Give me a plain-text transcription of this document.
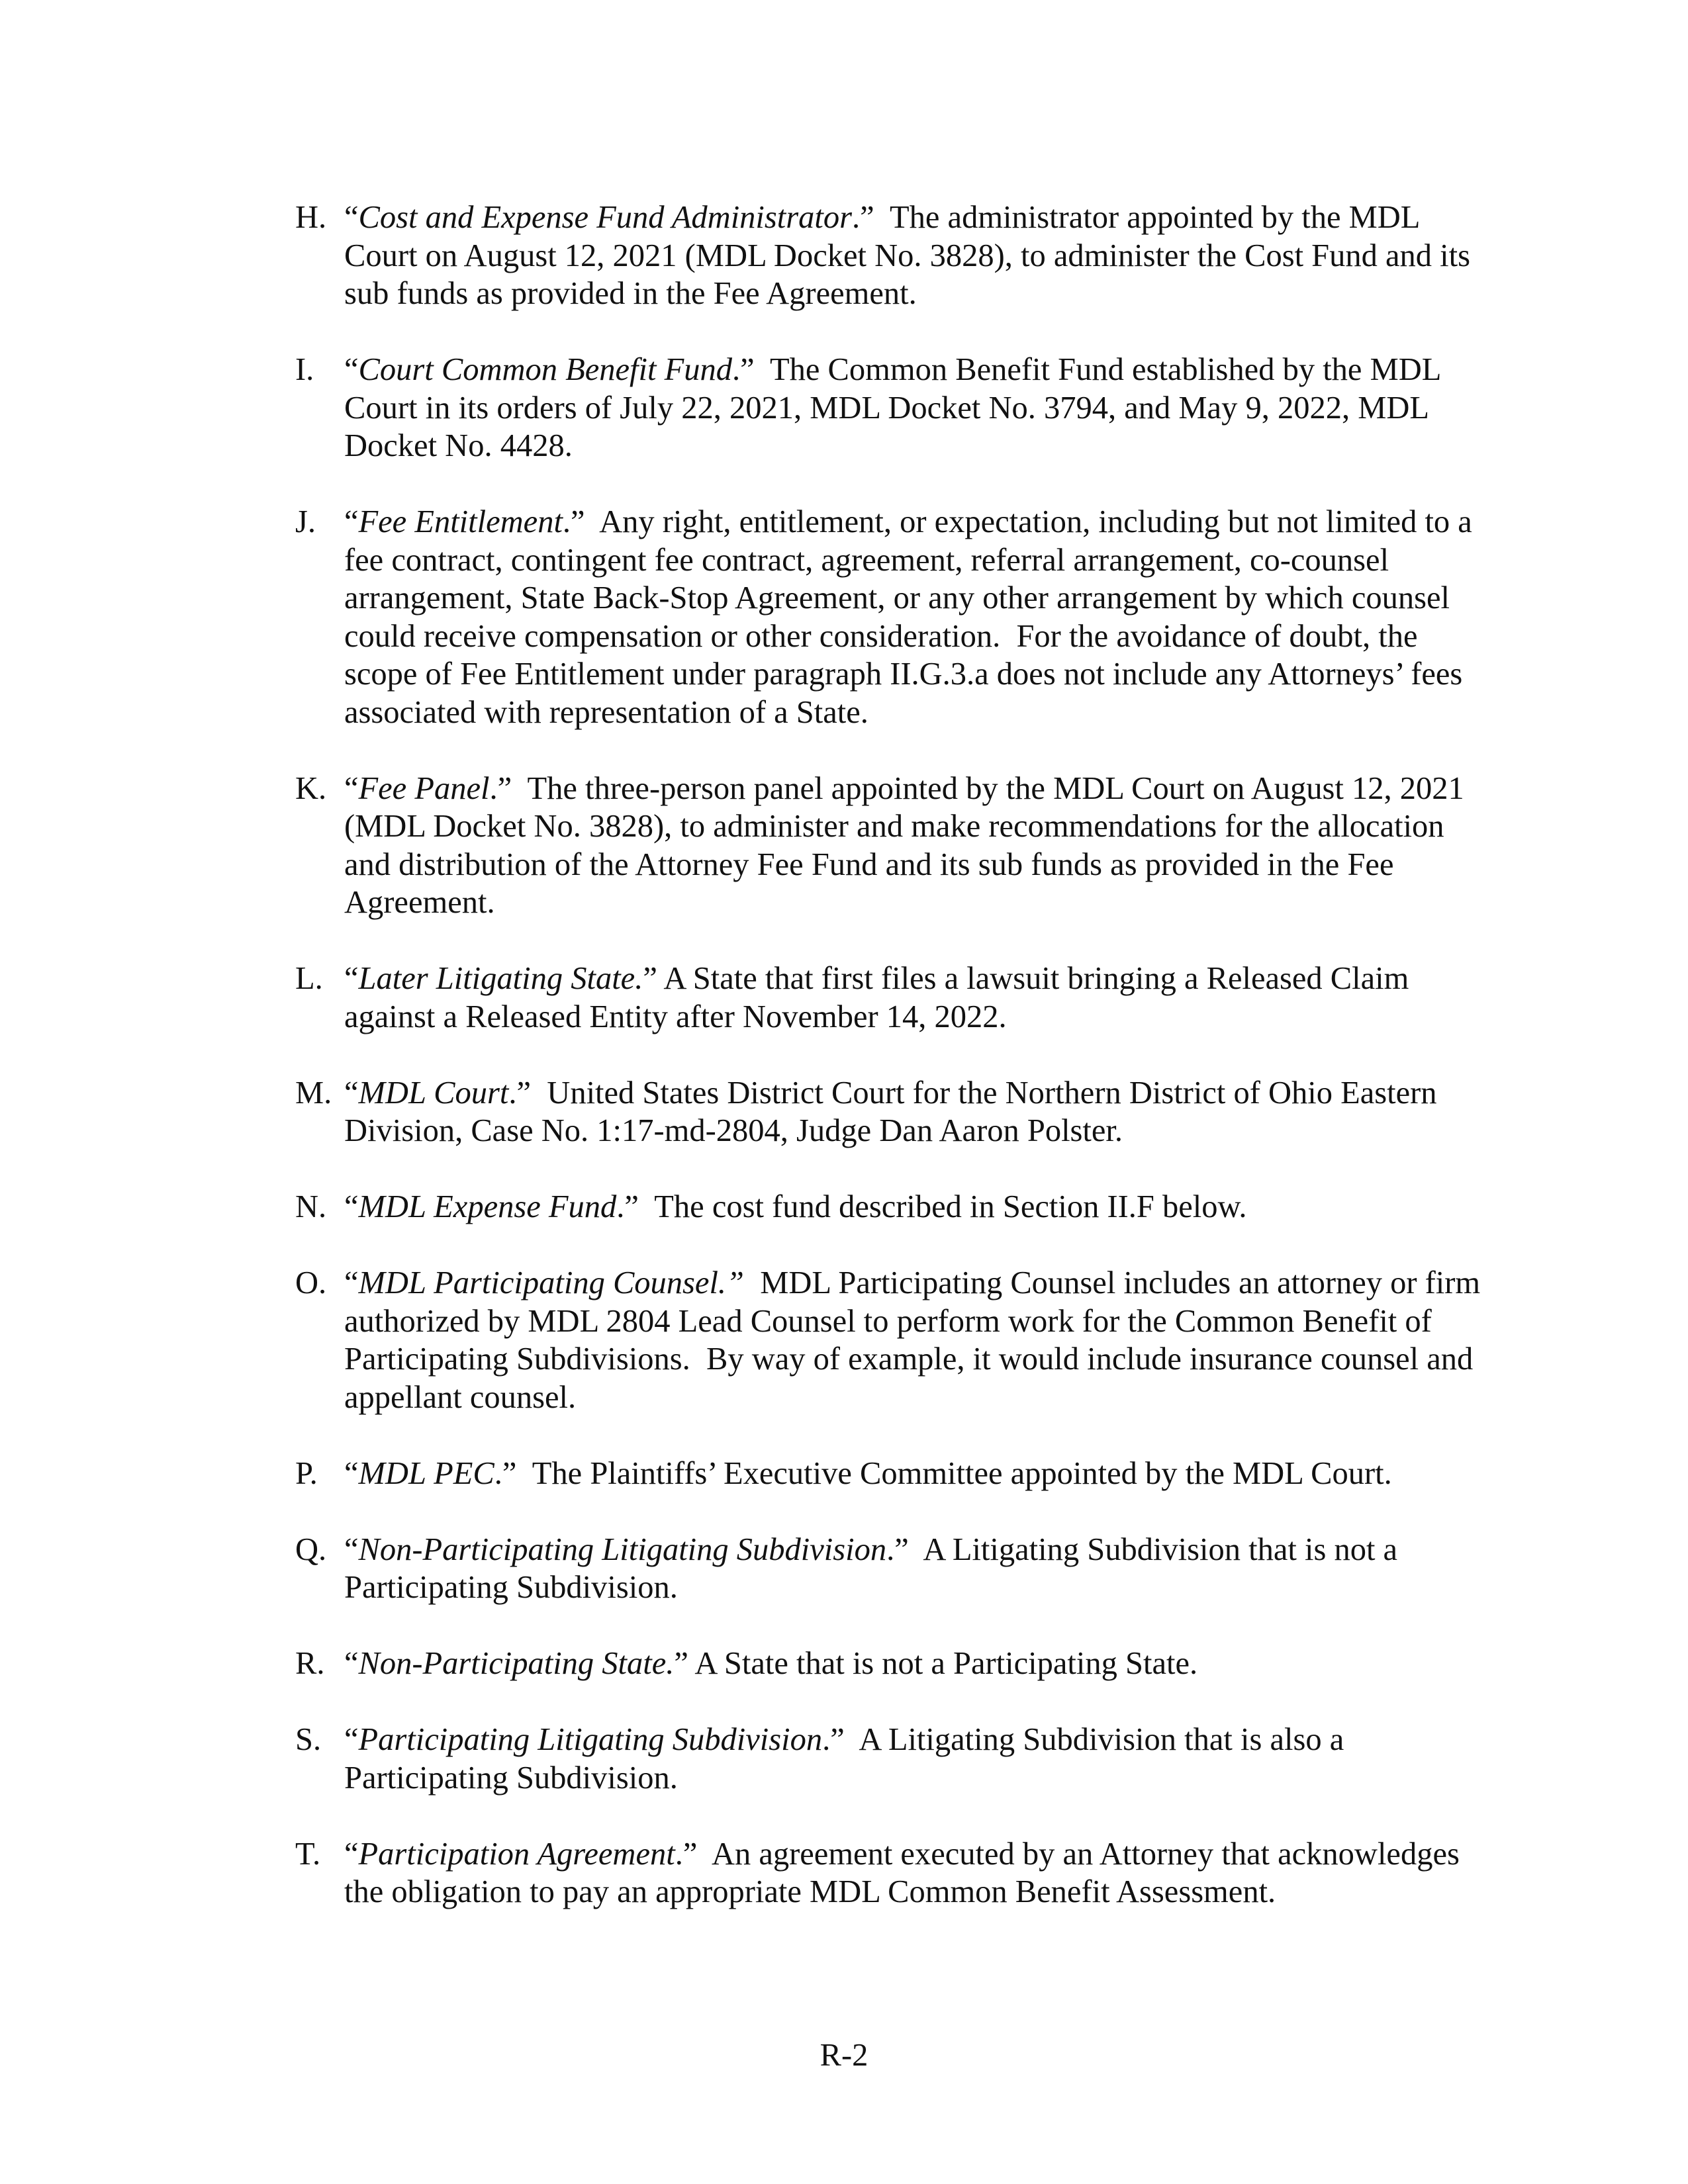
H. “Cost and Expense Fund Administrator.”  The administrator appointed by the MDL Court on August 12, 2021 (MDL Docket No. 3828), to administer the Cost Fund and its sub funds as provided in the Fee Agreement.
I. “Court Common Benefit Fund.”  The Common Benefit Fund established by the MDL Court in its orders of July 22, 2021, MDL Docket No. 3794, and May 9, 2022, MDL Docket No. 4428.
J. “Fee Entitlement.”  Any right, entitlement, or expectation, including but not limited to a fee contract, contingent fee contract, agreement, referral arrangement, co-counsel arrangement, State Back-Stop Agreement, or any other arrangement by which counsel could receive compensation or other consideration.  For the avoidance of doubt, the scope of Fee Entitlement under paragraph II.G.3.a does not include any Attorneys’ fees associated with representation of a State.
K. “Fee Panel.”  The three-person panel appointed by the MDL Court on August 12, 2021 (MDL Docket No. 3828), to administer and make recommendations for the allocation and distribution of the Attorney Fee Fund and its sub funds as provided in the Fee Agreement.
L. “Later Litigating State.” A State that first files a lawsuit bringing a Released Claim against a Released Entity after November 14, 2022.
M. “MDL Court.”  United States District Court for the Northern District of Ohio Eastern Division, Case No. 1:17-md-2804, Judge Dan Aaron Polster.
N. “MDL Expense Fund.”  The cost fund described in Section II.F below.
O. “MDL Participating Counsel.”  MDL Participating Counsel includes an attorney or firm authorized by MDL 2804 Lead Counsel to perform work for the Common Benefit of Participating Subdivisions.  By way of example, it would include insurance counsel and appellant counsel.
P. “MDL PEC.”  The Plaintiffs’ Executive Committee appointed by the MDL Court.
Q. “Non-Participating Litigating Subdivision.”  A Litigating Subdivision that is not a Participating Subdivision.
R. “Non-Participating State.” A State that is not a Participating State.
S. “Participating Litigating Subdivision.”  A Litigating Subdivision that is also a Participating Subdivision.
T. “Participation Agreement.”  An agreement executed by an Attorney that acknowledges the obligation to pay an appropriate MDL Common Benefit Assessment.
R-2
